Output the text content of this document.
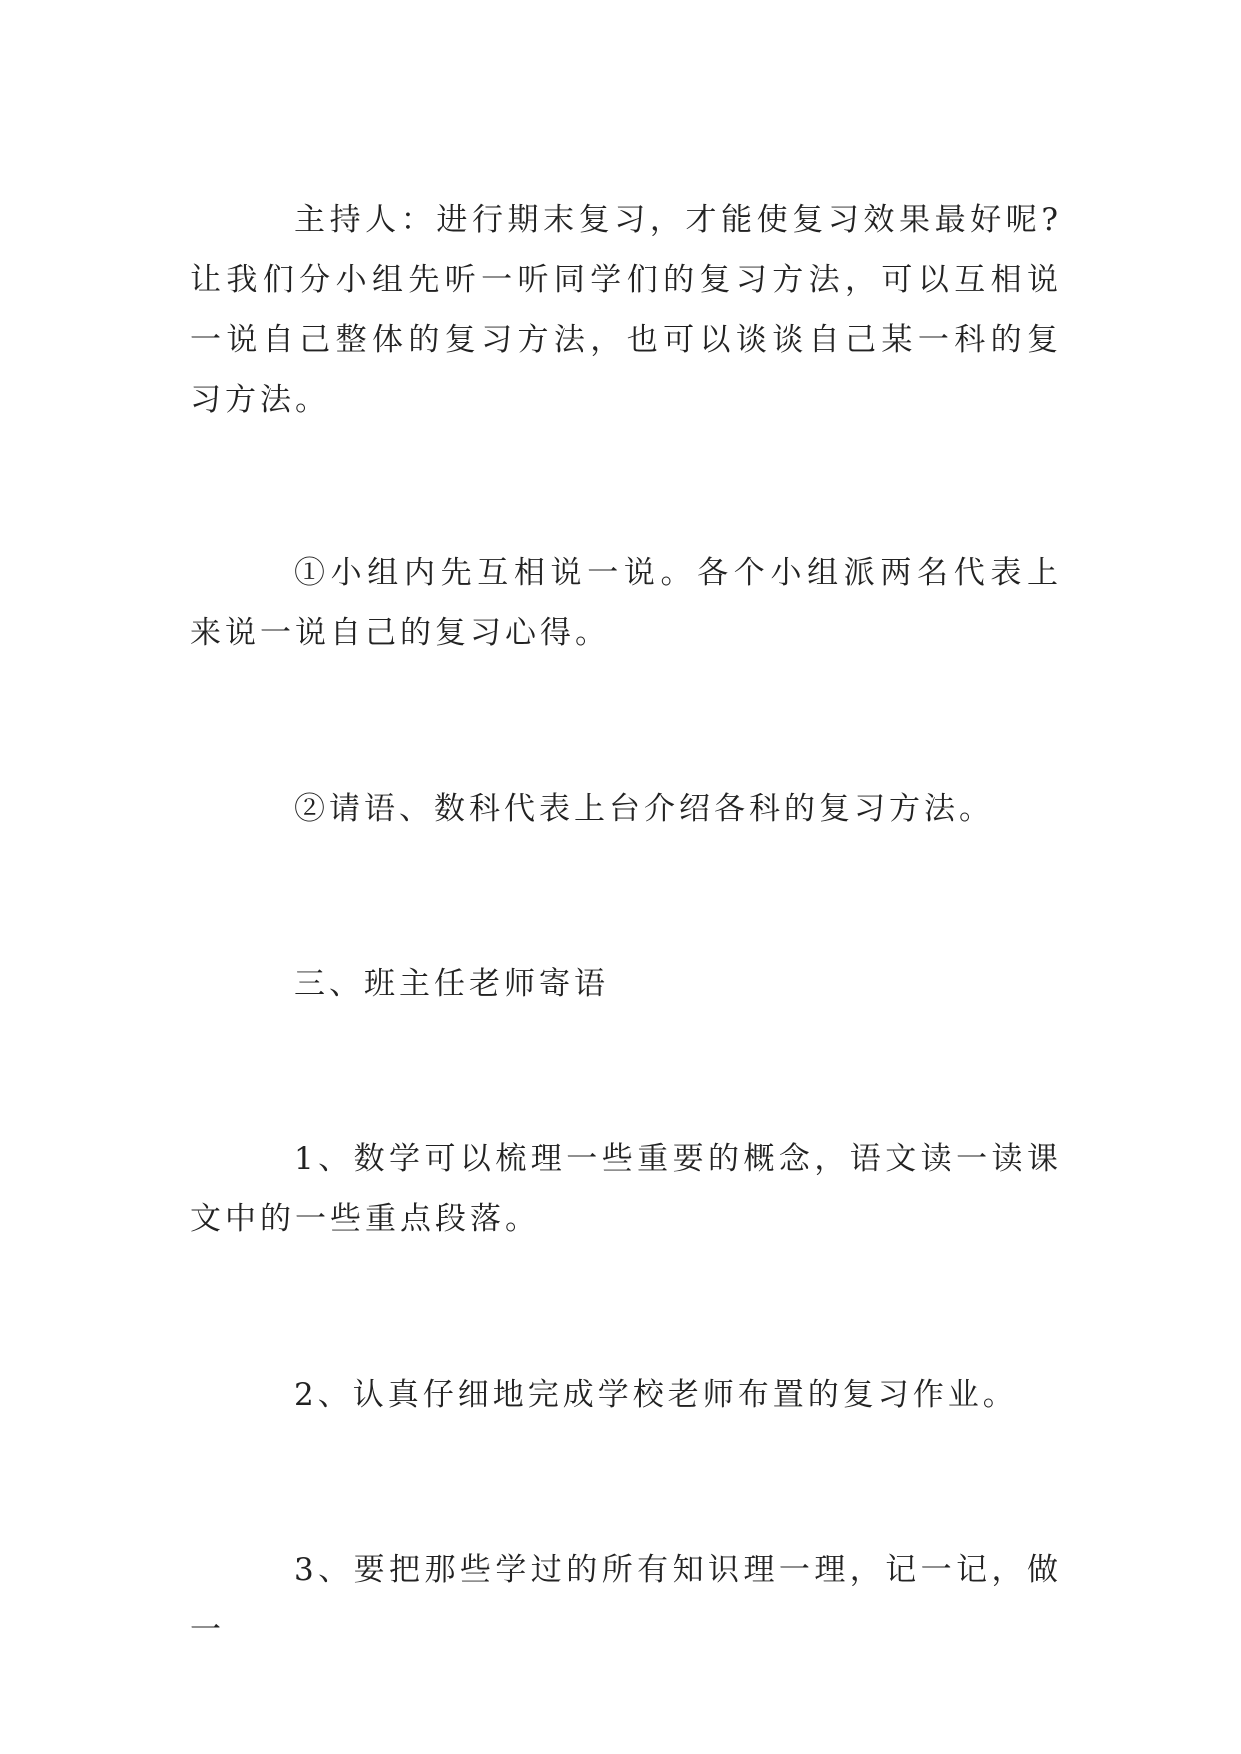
主持人：进行期末复习，才能使复习效果最好呢?让我们分小组先听一听同学们的复习方法，可以互相说一说自己整体的复习方法，也可以谈谈自己某一科的复习方法。

①小组内先互相说一说。各个小组派两名代表上来说一说自己的复习心得。

②请语、数科代表上台介绍各科的复习方法。

三、班主任老师寄语

1、数学可以梳理一些重要的概念，语文读一读课文中的一些重点段落。

2、认真仔细地完成学校老师布置的复习作业。

3、要把那些学过的所有知识理一理，记一记，做一
